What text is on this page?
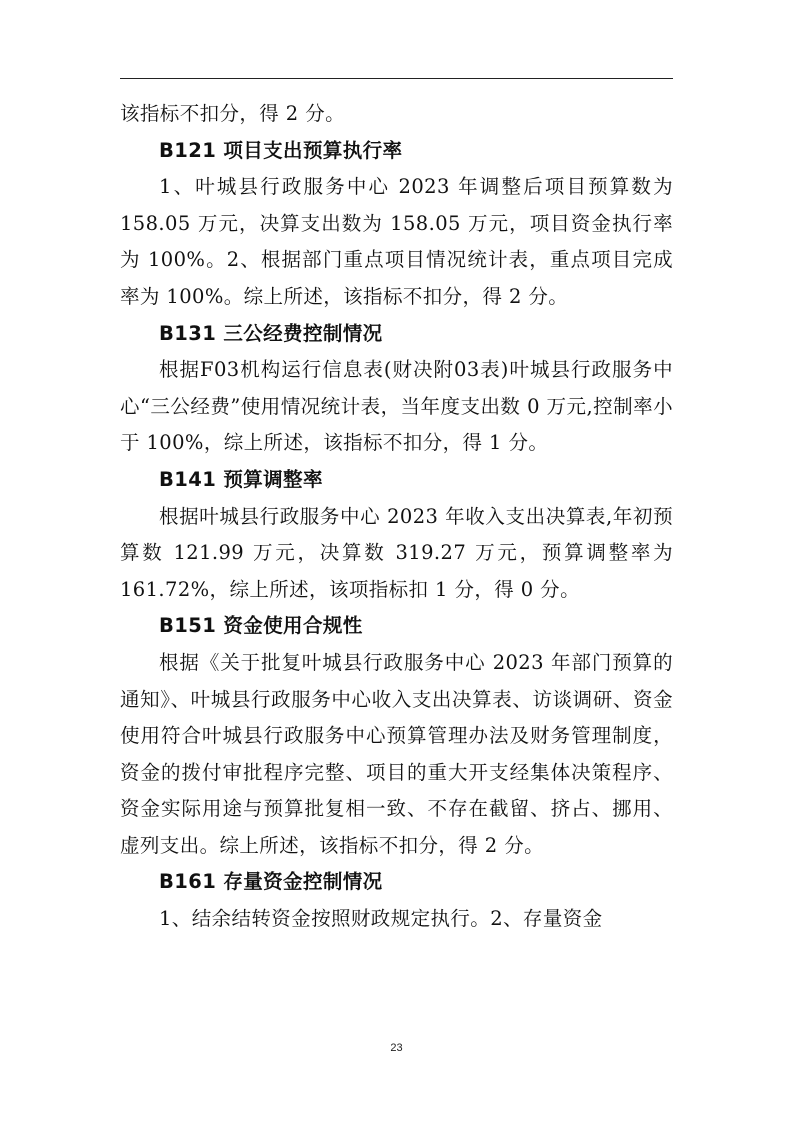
该指标不扣分，得 2 分。

B121 项目支出预算执行率

1、叶城县行政服务中心 2023 年调整后项目预算数为 158.05 万元，决算支出数为 158.05 万元，项目资金执行率为 100%。2、根据部门重点项目情况统计表，重点项目完成率为 100%。综上所述，该指标不扣分，得 2 分。

B131 三公经费控制情况

根据F03机构运行信息表(财决附03表)叶城县行政服务中心“三公经费”使用情况统计表，当年度支出数 0 万元,控制率小于 100%，综上所述，该指标不扣分，得 1 分。

B141 预算调整率

根据叶城县行政服务中心 2023 年收入支出决算表,年初预算数 121.99 万元，决算数 319.27 万元，预算调整率为 161.72%，综上所述，该项指标扣 1 分，得 0 分。

B151 资金使用合规性

根据《关于批复叶城县行政服务中心 2023 年部门预算的通知》、叶城县行政服务中心收入支出决算表、访谈调研、资金使用符合叶城县行政服务中心预算管理办法及财务管理制度，资金的拨付审批程序完整、项目的重大开支经集体决策程序、资金实际用途与预算批复相一致、不存在截留、挤占、挪用、虚列支出。综上所述，该指标不扣分，得 2 分。

B161 存量资金控制情况

1、结余结转资金按照财政规定执行。2、存量资金

23
